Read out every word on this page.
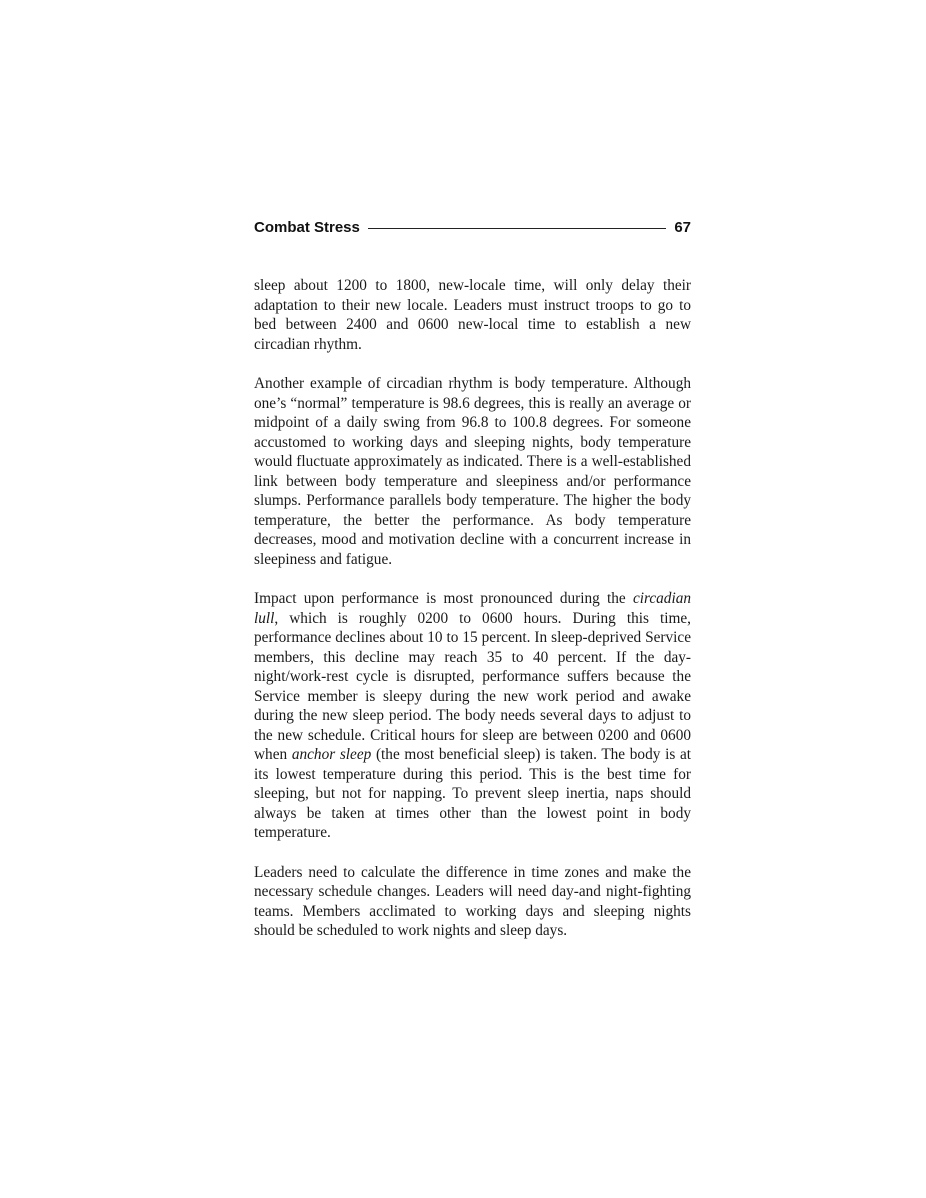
Combat Stress	67

sleep about 1200 to 1800, new-locale time, will only delay their adaptation to their new locale. Leaders must instruct troops to go to bed between 2400 and 0600 new-local time to establish a new circadian rhythm.

Another example of circadian rhythm is body temperature. Although one’s “normal” temperature is 98.6 degrees, this is really an average or midpoint of a daily swing from 96.8 to 100.8 degrees. For someone accustomed to working days and sleeping nights, body temperature would fluctuate approximately as indicated. There is a well-established link between body temperature and sleepiness and/or performance slumps. Performance parallels body temperature. The higher the body temperature, the better the performance. As body temperature decreases, mood and motivation decline with a concurrent increase in sleepiness and fatigue.

Impact upon performance is most pronounced during the circadian lull, which is roughly 0200 to 0600 hours. During this time, performance declines about 10 to 15 percent. In sleep-deprived Service members, this decline may reach 35 to 40 percent. If the day-night/work-rest cycle is disrupted, performance suffers because the Service member is sleepy during the new work period and awake during the new sleep period. The body needs several days to adjust to the new schedule. Critical hours for sleep are between 0200 and 0600 when anchor sleep (the most beneficial sleep) is taken. The body is at its lowest temperature during this period. This is the best time for sleeping, but not for napping. To prevent sleep inertia, naps should always be taken at times other than the lowest point in body temperature.

Leaders need to calculate the difference in time zones and make the necessary schedule changes. Leaders will need day-and night-fighting teams. Members acclimated to working days and sleeping nights should be scheduled to work nights and sleep days.
